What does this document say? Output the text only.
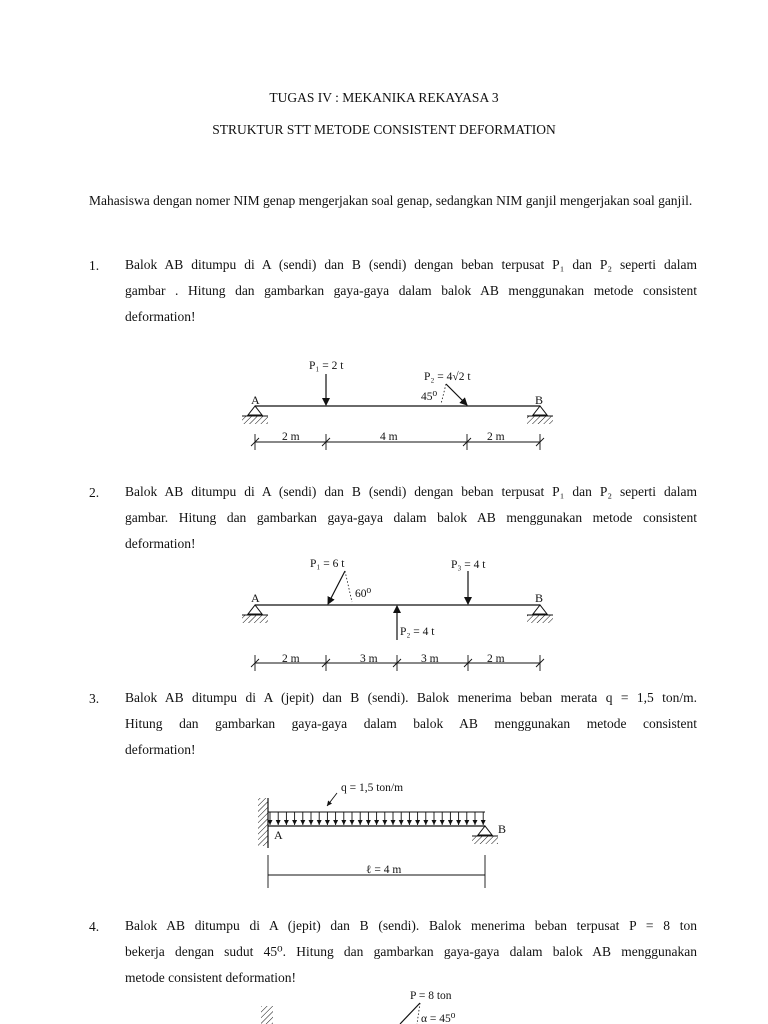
TUGAS IV : MEKANIKA REKAYASA 3
STRUKTUR STT METODE CONSISTENT DEFORMATION
Mahasiswa dengan nomer NIM genap mengerjakan soal genap, sedangkan NIM ganjil mengerjakan soal ganjil.
1. Balok AB ditumpu di A (sendi) dan B (sendi) dengan beban terpusat P₁ dan P₂ seperti dalam
gambar . Hitung dan gambarkan gaya-gaya dalam balok AB menggunakan metode consistent
deformation!
2. Balok AB ditumpu di A (sendi) dan B (sendi) dengan beban terpusat P₁ dan P₂ seperti dalam
gambar. Hitung dan gambarkan gaya-gaya dalam balok AB menggunakan metode consistent
deformation!
3. Balok AB ditumpu di A (jepit) dan B (sendi). Balok menerima beban merata q = 1,5 ton/m.
Hitung dan gambarkan gaya-gaya dalam balok AB menggunakan metode consistent
deformation!
4. Balok AB ditumpu di A (jepit) dan B (sendi). Balok menerima beban terpusat P = 8 ton
bekerja dengan sudut 45⁰. Hitung dan gambarkan gaya-gaya dalam balok AB menggunakan
metode consistent deformation!
A	B
P₁ = 2 t
P₂ = 4√2 t
45⁰
2 m	4 m	2 m
A	B
P₁ = 6 t
60⁰
P₃ = 4 t
P₂ = 4 t
2 m	3 m	3 m	2 m
q = 1,5 ton/m
A	B
ℓ = 4 m
P = 8 ton
α = 45⁰
